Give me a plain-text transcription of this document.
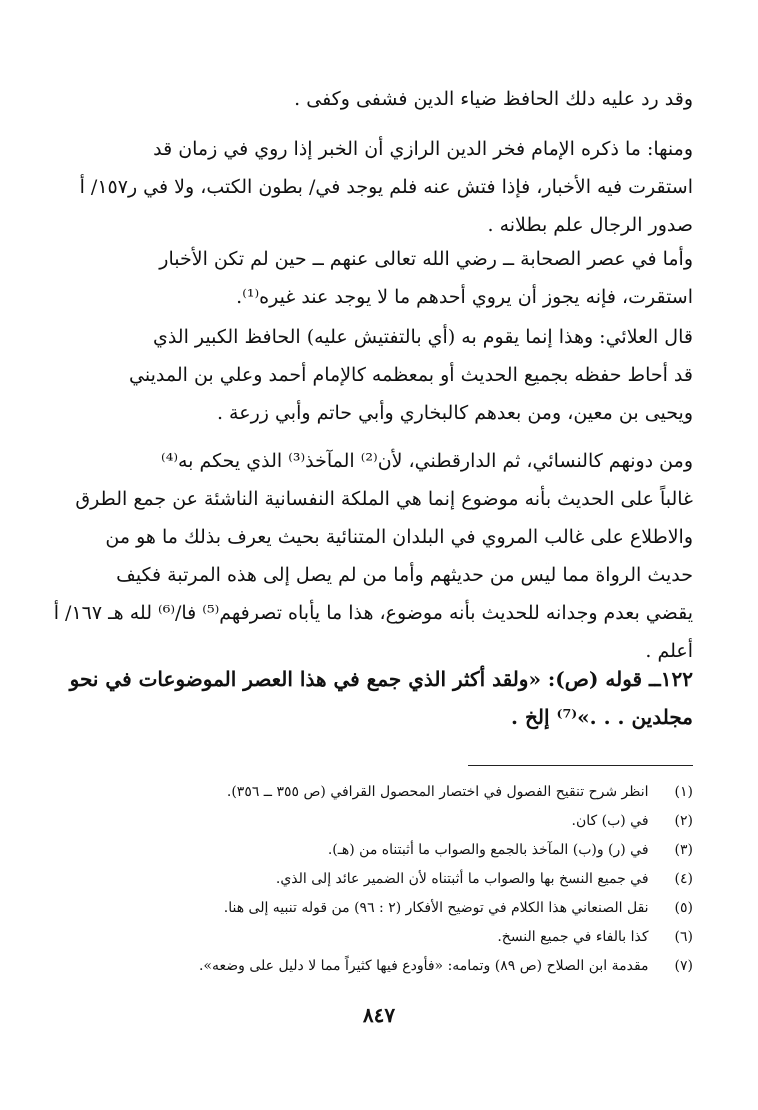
وقد رد عليه دلك الحافظ ضياء الدين فشفى وكفى .
ومنها: ما ذكره الإمام فخر الدين الرازي أن الخبر إذا روي في زمان قد
استقرت فيه الأخبار، فإذا فتش عنه فلم يوجد في/ بطون الكتب، ولا في ر١٥٧/ أ
صدور الرجال علم بطلانه .
وأما في عصر الصحابة ــ رضي الله تعالى عنهم ــ حين لم تكن الأخبار
استقرت، فإنه يجوز أن يروي أحدهم ما لا يوجد عند غيره⁽¹⁾.
قال العلائي: وهذا إنما يقوم به (أي بالتفتيش عليه) الحافظ الكبير الذي
قد أحاط حفظه بجميع الحديث أو بمعظمه كالإمام أحمد وعلي بن المديني
ويحيى بن معين، ومن بعدهم كالبخاري وأبي حاتم وأبي زرعة .
ومن دونهم كالنسائي، ثم الدارقطني، لأن⁽²⁾ المآخذ⁽³⁾ الذي يحكم به⁽⁴⁾
غالباً على الحديث بأنه موضوع إنما هي الملكة النفسانية الناشئة عن جمع الطرق
والاطلاع على غالب المروي في البلدان المتنائية بحيث يعرف بذلك ما هو من
حديث الرواة مما ليس من حديثهم وأما من لم يصل إلى هذه المرتبة فكيف
يقضي بعدم وجدانه للحديث بأنه موضوع، هذا ما يأباه تصرفهم⁽⁵⁾ فا/⁽⁶⁾ لله هـ ١٦٧/ أ
أعلم .
١٢٢ــ قوله (ص): «ولقد أكثر الذي جمع في هذا العصر الموضوعات في نحو
مجلدين . . .»⁽⁷⁾ إلخ .
(١) انظر شرح تنقيح الفصول في اختصار المحصول القرافي (ص ٣٥٥ ــ ٣٥٦).
(٢) في (ب) كان.
(٣) في (ر) و(ب) المآخذ بالجمع والصواب ما أثبتناه من (هـ).
(٤) في جميع النسخ بها والصواب ما أثبتناه لأن الضمير عائد إلى الذي.
(٥) نقل الصنعاني هذا الكلام في توضيح الأفكار (٢ : ٩٦) من قوله تنبيه إلى هنا.
(٦) كذا بالفاء في جميع النسخ.
(٧) مقدمة ابن الصلاح (ص ٨٩) وتمامه: «فأودع فيها كثيراً مما لا دليل على وضعه».
٨٤٧
